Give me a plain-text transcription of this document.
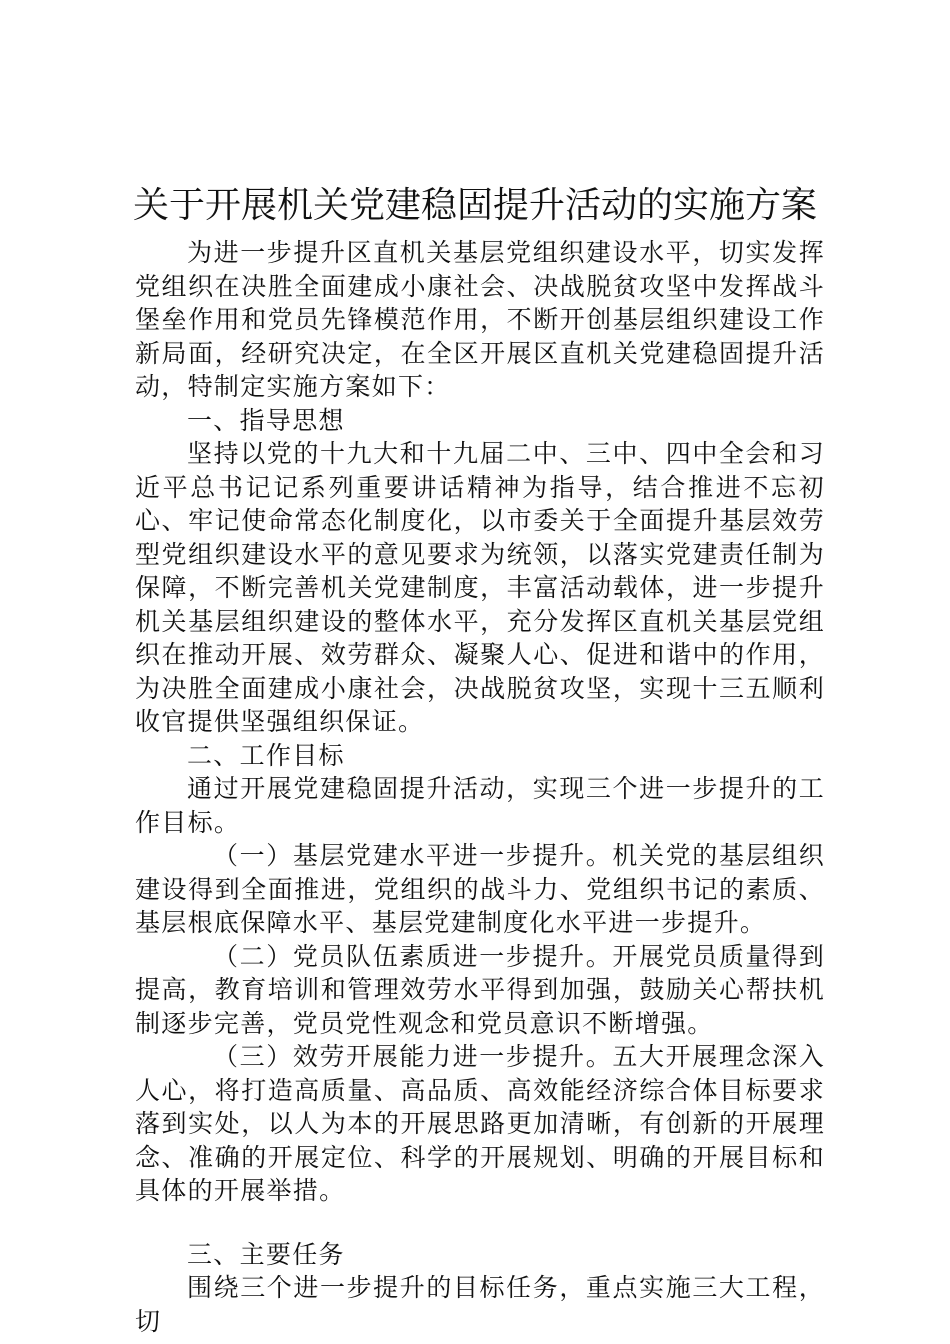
关于开展机关党建稳固提升活动的实施方案

为进一步提升区直机关基层党组织建设水平，切实发挥党组织在决胜全面建成小康社会、决战脱贫攻坚中发挥战斗堡垒作用和党员先锋模范作用，不断开创基层组织建设工作新局面，经研究决定，在全区开展区直机关党建稳固提升活动，特制定实施方案如下：

一、指导思想

坚持以党的十九大和十九届二中、三中、四中全会和习近平总书记记系列重要讲话精神为指导，结合推进不忘初心、牢记使命常态化制度化，以市委关于全面提升基层效劳型党组织建设水平的意见要求为统领，以落实党建责任制为保障，不断完善机关党建制度，丰富活动载体，进一步提升机关基层组织建设的整体水平，充分发挥区直机关基层党组织在推动开展、效劳群众、凝聚人心、促进和谐中的作用，为决胜全面建成小康社会，决战脱贫攻坚，实现十三五顺利收官提供坚强组织保证。

二、工作目标

通过开展党建稳固提升活动，实现三个进一步提升的工作目标。

（一）基层党建水平进一步提升。机关党的基层组织建设得到全面推进，党组织的战斗力、党组织书记的素质、基层根底保障水平、基层党建制度化水平进一步提升。

（二）党员队伍素质进一步提升。开展党员质量得到提高，教育培训和管理效劳水平得到加强，鼓励关心帮扶机制逐步完善，党员党性观念和党员意识不断增强。

（三）效劳开展能力进一步提升。五大开展理念深入人心，将打造高质量、高品质、高效能经济综合体目标要求落到实处，以人为本的开展思路更加清晰，有创新的开展理念、准确的开展定位、科学的开展规划、明确的开展目标和具体的开展举措。

三、主要任务

围绕三个进一步提升的目标任务，重点实施三大工程，切
